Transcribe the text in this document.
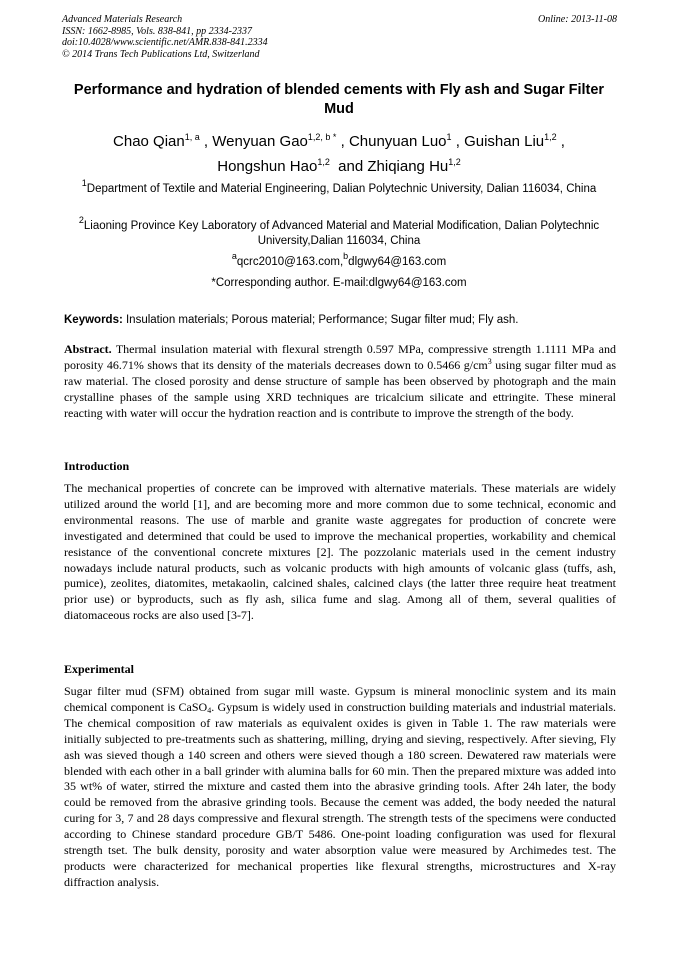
Advanced Materials Research
ISSN: 1662-8985, Vols. 838-841, pp 2334-2337
doi:10.4028/www.scientific.net/AMR.838-841.2334
© 2014 Trans Tech Publications Ltd, Switzerland
Online: 2013-11-08
Performance and hydration of blended cements with Fly ash and Sugar Filter Mud
Chao Qian$^{1, a}$ , Wenyuan Gao$^{1,2, b *}$ , Chunyuan Luo$^1$ , Guishan Liu$^{1,2}$ ,
Hongshun Hao$^{1,2}$  and Zhiqiang Hu$^{1,2}$
$^1$Department of Textile and Material Engineering, Dalian Polytechnic University, Dalian 116034, China
$^2$Liaoning Province Key Laboratory of Advanced Material and Material Modification, Dalian Polytechnic University,Dalian 116034, China
$^a$qcrc2010@163.com,$^b$dlgwy64@163.com
*Corresponding author. E-mail:dlgwy64@163.com
Keywords: Insulation materials; Porous material; Performance; Sugar filter mud; Fly ash.
Abstract. Thermal insulation material with flexural strength 0.597 MPa, compressive strength 1.1111 MPa and porosity 46.71% shows that its density of the materials decreases down to 0.5466 $g/cm^3$ using sugar filter mud as raw material. The closed porosity and dense structure of sample has been observed by photograph and the main crystalline phases of the sample using XRD techniques are tricalcium silicate and ettringite. These mineral reacting with water will occur the hydration reaction and is contribute to improve the strength of the body.
Introduction
The mechanical properties of concrete can be improved with alternative materials. These materials are widely utilized around the world [1], and are becoming more and more common due to some technical, economic and environmental reasons. The use of marble and granite waste aggregates for production of concrete were investigated and determined that could be used to improve the mechanical properties, workability and chemical resistance of the conventional concrete mixtures [2]. The pozzolanic materials used in the cement industry nowadays include natural products, such as volcanic products with high amounts of volcanic glass (tuffs, ash, pumice), zeolites, diatomites, metakaolin, calcined shales, calcined clays (the latter three require heat treatment prior use) or byproducts, such as fly ash, silica fume and slag. Among all of them, several qualities of diatomaceous rocks are also used [3-7].
Experimental
Sugar filter mud (SFM) obtained from sugar mill waste. Gypsum is mineral monoclinic system and its main chemical component is CaSO$_4$. Gypsum is widely used in construction building materials and industrial materials. The chemical composition of raw materials as equivalent oxides is given in Table 1. The raw materials were initially subjected to pre-treatments such as shattering, milling, drying and sieving, respectively. After sieving, Fly ash was sieved though a 140 screen and others were sieved though a 180 screen. Dewatered raw materials were blended with each other in a ball grinder with alumina balls for 60 min. Then the prepared mixture was added into 35 wt% of water, stirred the mixture and casted them into the abrasive grinding tools. After 24h later, the body could be removed from the abrasive grinding tools. Because the cement was added, the body needed the natural curing for 3, 7 and 28 days compressive and flexural strength. The strength tests of the specimens were conducted according to Chinese standard procedure GB/T 5486. One-point loading configuration was used for flexural strength tset. The bulk density, porosity and water absorption value were measured by Archimedes test. The products were characterized for mechanical properties like flexural strengths, microstructures and X-ray diffraction analysis.
